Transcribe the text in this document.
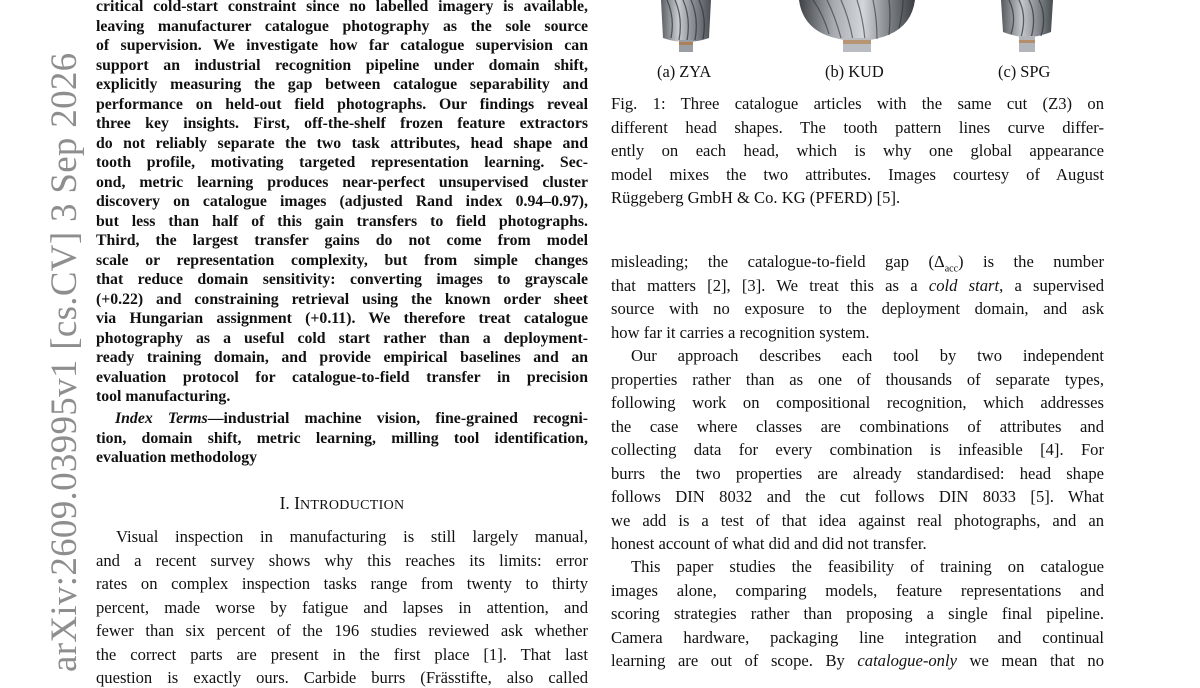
arXiv:2609.03995v1 [cs.CV] 3 Sep 2026
critical cold-start constraint since no labelled imagery is available,
leaving manufacturer catalogue photography as the sole source
of supervision. We investigate how far catalogue supervision can
support an industrial recognition pipeline under domain shift,
explicitly measuring the gap between catalogue separability and
performance on held-out field photographs. Our findings reveal
three key insights. First, off-the-shelf frozen feature extractors
do not reliably separate the two task attributes, head shape and
tooth profile, motivating targeted representation learning. Sec-
ond, metric learning produces near-perfect unsupervised cluster
discovery on catalogue images (adjusted Rand index 0.94–0.97),
but less than half of this gain transfers to field photographs.
Third, the largest transfer gains do not come from model
scale or representation complexity, but from simple changes
that reduce domain sensitivity: converting images to grayscale
(+0.22) and constraining retrieval using the known order sheet
via Hungarian assignment (+0.11). We therefore treat catalogue
photography as a useful cold start rather than a deployment-
ready training domain, and provide empirical baselines and an
evaluation protocol for catalogue-to-field transfer in precision
tool manufacturing.
Index Terms—industrial machine vision, fine-grained recogni-
tion, domain shift, metric learning, milling tool identification,
evaluation methodology
I. INTRODUCTION
Visual inspection in manufacturing is still largely manual,
and a recent survey shows why this reaches its limits: error
rates on complex inspection tasks range from twenty to thirty
percent, made worse by fatigue and lapses in attention, and
fewer than six percent of the 196 studies reviewed ask whether
the correct parts are present in the first place [1]. That last
question is exactly ours. Carbide burrs (Frässtifte, also called
(a) ZYA	(b) KUD	(c) SPG
Fig. 1: Three catalogue articles with the same cut (Z3) on
different head shapes. The tooth pattern lines curve differ-
ently on each head, which is why one global appearance
model mixes the two attributes. Images courtesy of August
Rüggeberg GmbH & Co. KG (PFERD) [5].
misleading; the catalogue-to-field gap $(\Delta_{acc})$ is the number
that matters [2], [3]. We treat this as a cold start, a supervised
source with no exposure to the deployment domain, and ask
how far it carries a recognition system.
Our approach describes each tool by two independent
properties rather than as one of thousands of separate types,
following work on compositional recognition, which addresses
the case where classes are combinations of attributes and
collecting data for every combination is infeasible [4]. For
burrs the two properties are already standardised: head shape
follows DIN 8032 and the cut follows DIN 8033 [5]. What
we add is a test of that idea against real photographs, and an
honest account of what did and did not transfer.
This paper studies the feasibility of training on catalogue
images alone, comparing models, feature representations and
scoring strategies rather than proposing a single final pipeline.
Camera hardware, packaging line integration and continual
learning are out of scope. By catalogue-only we mean that no
